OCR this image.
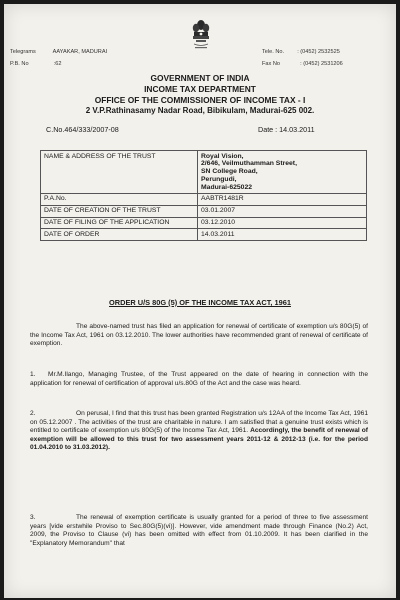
Telegrams	AAYAKAR, MADURAI
P.B. No	:62
Tele. No. : (0452) 2532525
Fax No	: (0452) 2531206
GOVERNMENT OF INDIA
INCOME TAX DEPARTMENT
OFFICE OF THE COMMISSIONER OF INCOME TAX - I
2 V.P.Rathinasamy Nadar Road, Bibikulam, Madurai-625 002.
C.No.464/333/2007-08	Date : 14.03.2011
NAME & ADDRESS OF THE TRUST	Royal Vision,
2/646, Veilmuthamman Street,
SN College Road,
Perungudi,
Madurai-625022

P.A.No.	AABTR1481R
DATE OF CREATION OF THE TRUST	03.01.2007
DATE OF FILING OF THE APPLICATION	03.12.2010
DATE OF ORDER	14.03.2011
ORDER U/S 80G (5) OF THE INCOME TAX ACT, 1961

The above-named trust has filed an application for renewal of certificate of exemption u/s 80G(5) of the Income Tax Act, 1961 on 03.12.2010. The lower authorities have recommended grant of renewal of certificate of exemption.

1. Mr.M.Ilango, Managing Trustee, of the Trust appeared on the date of hearing in connection with the application for renewal of certification of approval u/s.80G of the Act and the case was heard.

2.	On perusal, I find that this trust has been granted Registration u/s 12AA of the Income Tax Act, 1961 on 05.12.2007 . The activities of the trust are charitable in nature. I am satisfied that a genuine trust exists which is entitled to certificate of exemption u/s 80G(5) of the Income Tax Act, 1961. Accordingly, the benefit of renewal of exemption will be allowed to this trust for two assessment years 2011-12 & 2012-13 (i.e. for the period 01.04.2010 to 31.03.2012).

3.	The renewal of exemption certificate is usually granted for a period of three to five assessment years [vide erstwhile Proviso to Sec.80G(5)(vi)]. However, vide amendment made through Finance (No.2) Act, 2009, the Proviso to Clause (vi) has been omitted with effect from 01.10.2009. It has been clarified in the "Explanatory Memorandum" that
